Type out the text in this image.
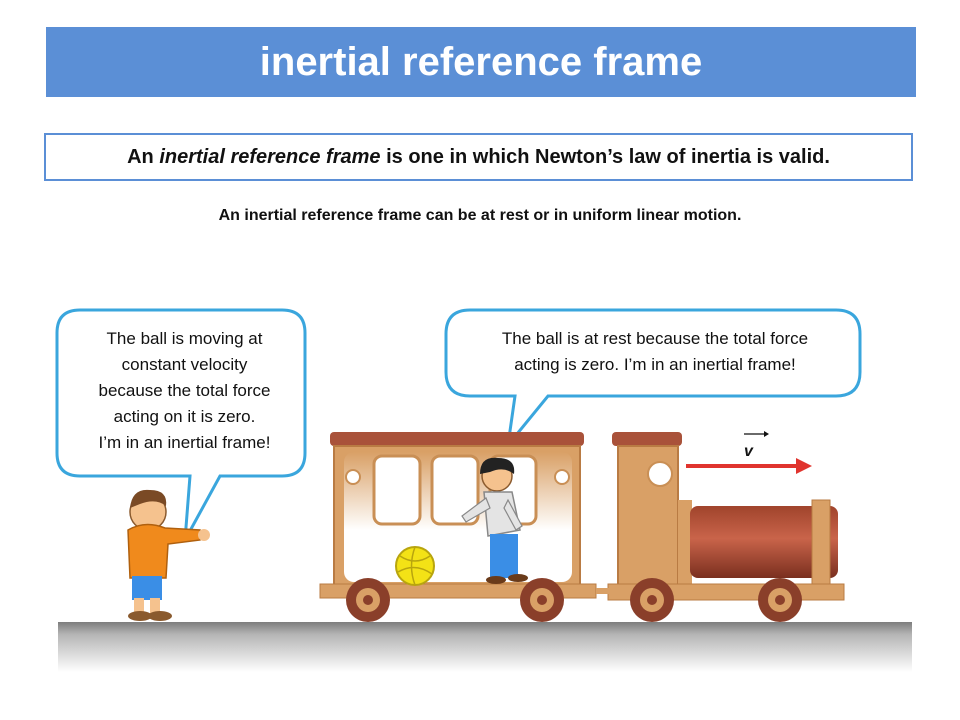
inertial reference frame
An inertial reference frame is one in which Newton’s law of inertia is valid.
An inertial reference frame can be at rest or in uniform linear motion.
v
The ball is moving at
constant velocity
because the total force
acting on it is zero.
I’m in an inertial frame!
The ball is at rest because the total force
acting is zero. I’m in an inertial frame!
